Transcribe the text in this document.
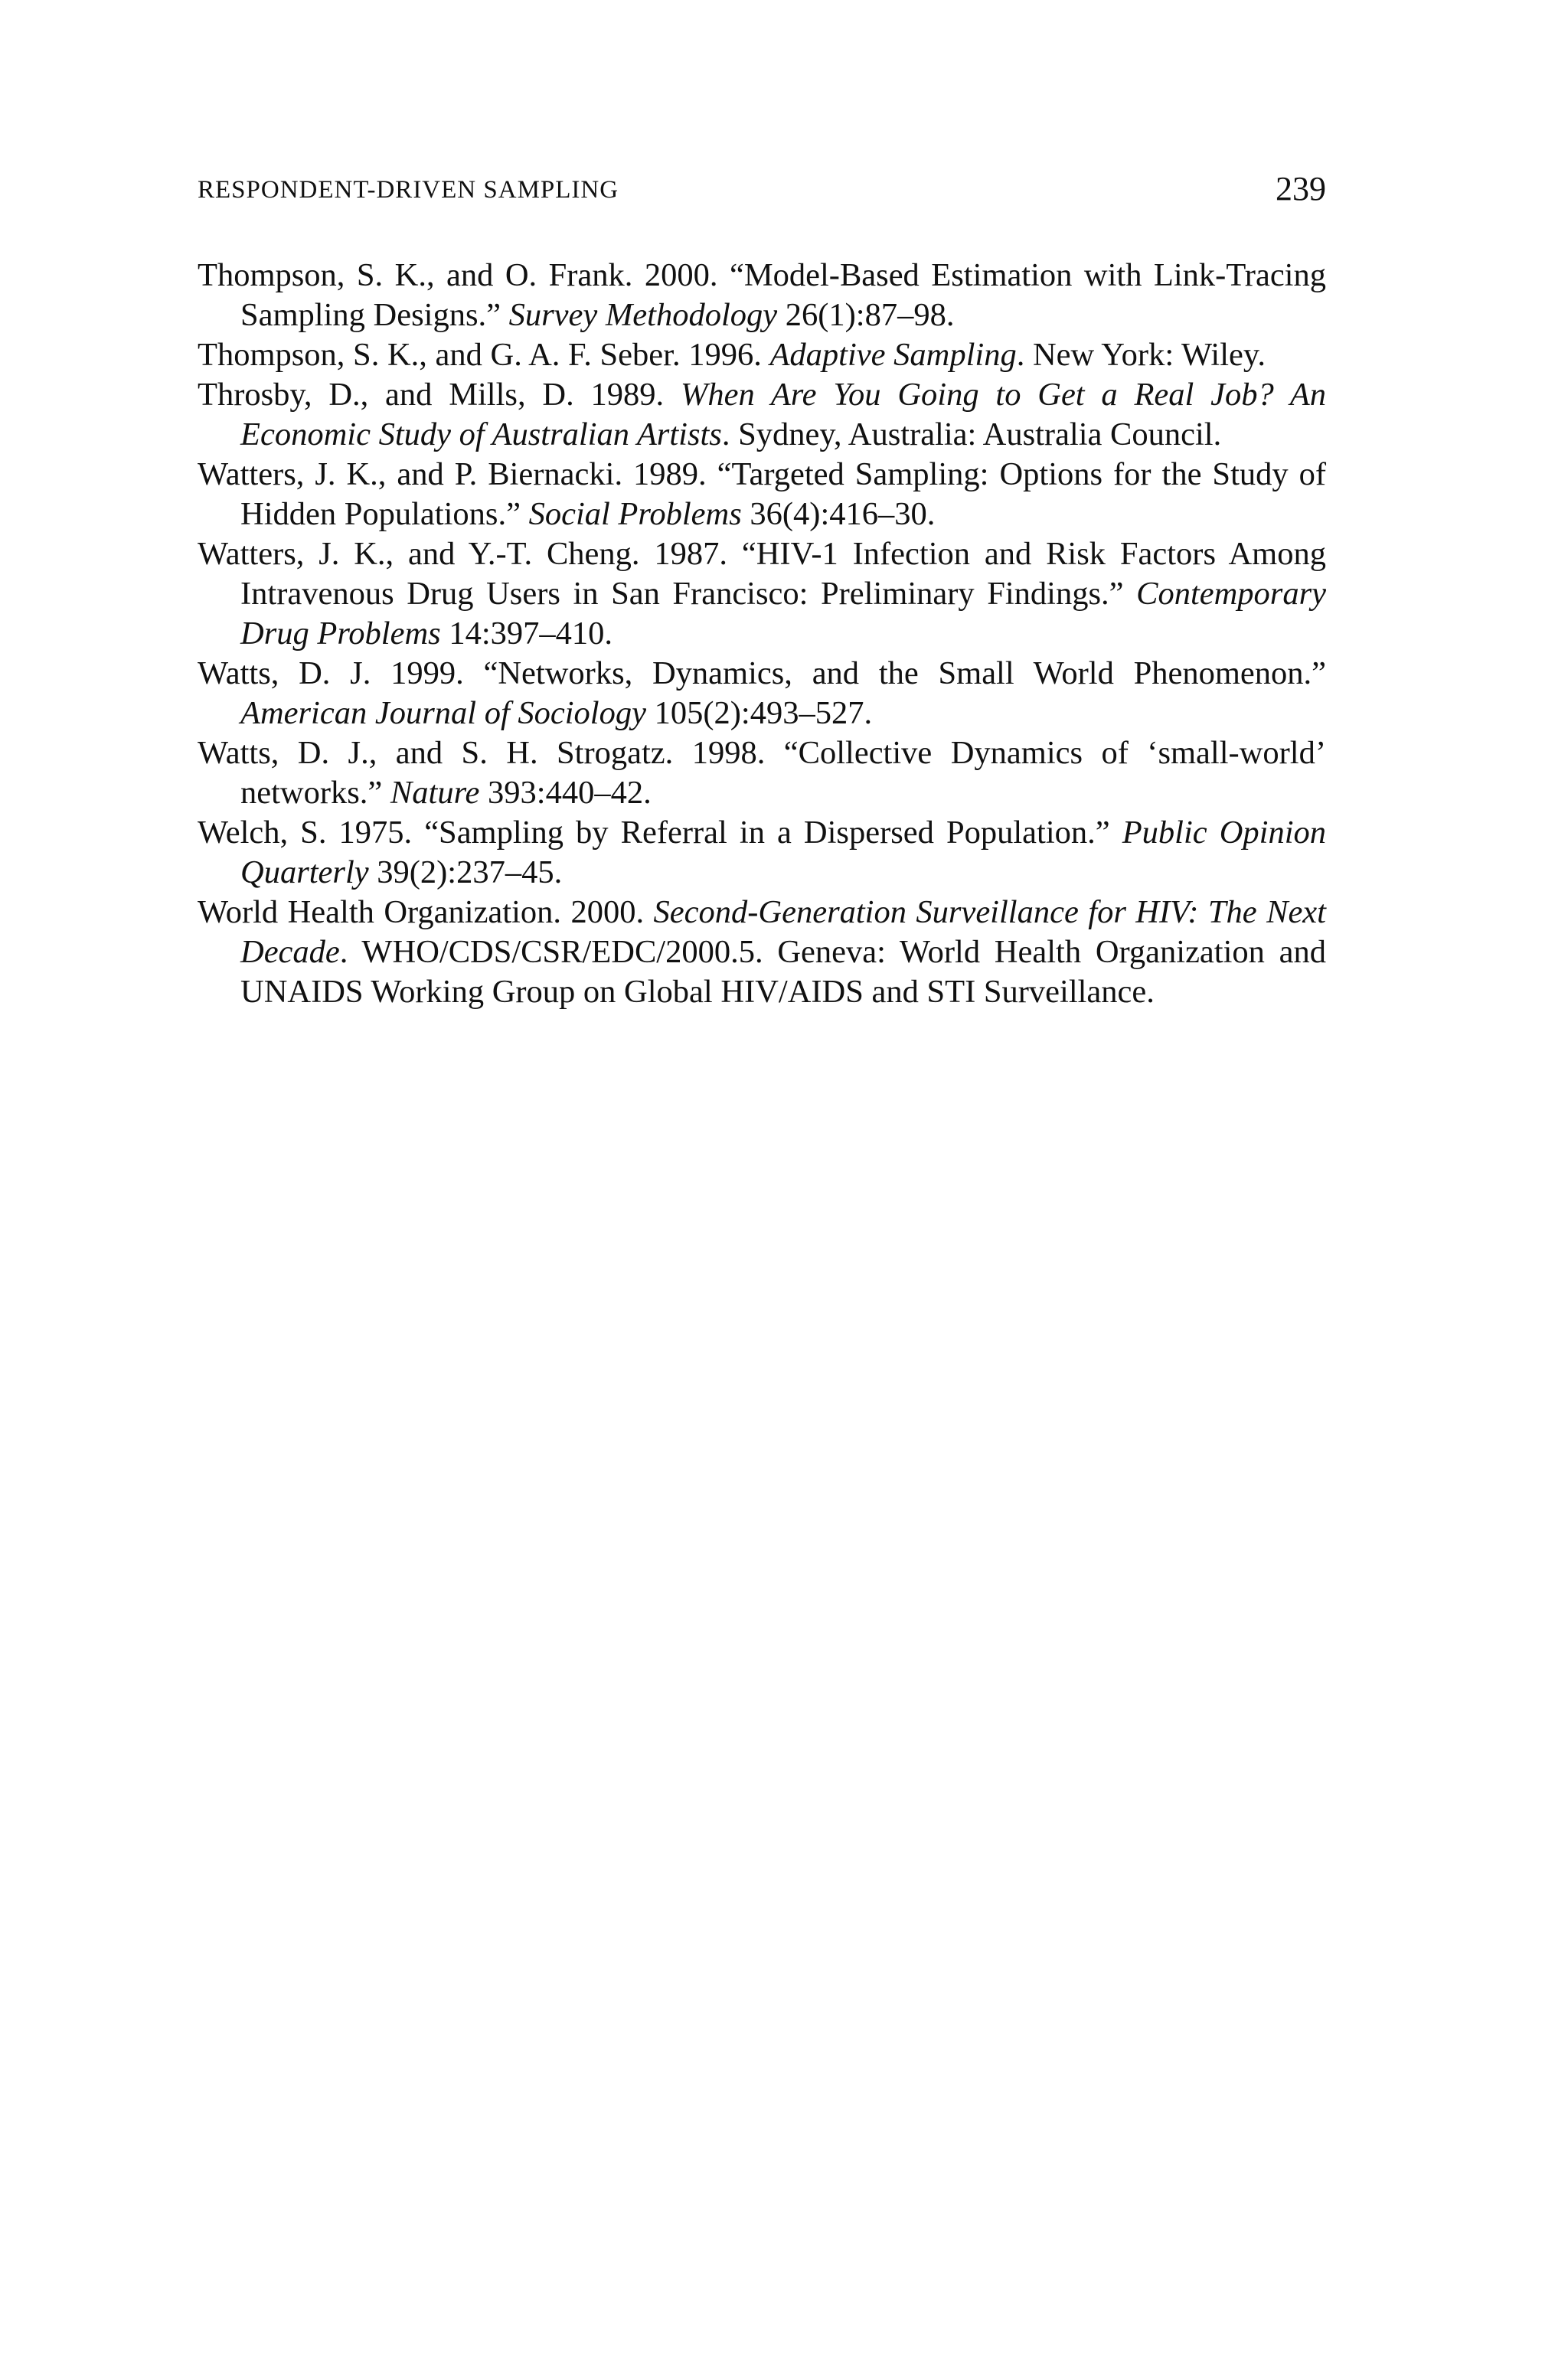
RESPONDENT-DRIVEN SAMPLING	239
Thompson, S. K., and O. Frank. 2000. “Model-Based Estimation with Link-Tracing Sampling Designs.” Survey Methodology 26(1):87–98.
Thompson, S. K., and G. A. F. Seber. 1996. Adaptive Sampling. New York: Wiley.
Throsby, D., and Mills, D. 1989. When Are You Going to Get a Real Job? An Economic Study of Australian Artists. Sydney, Australia: Australia Council.
Watters, J. K., and P. Biernacki. 1989. “Targeted Sampling: Options for the Study of Hidden Populations.” Social Problems 36(4):416–30.
Watters, J. K., and Y.-T. Cheng. 1987. “HIV-1 Infection and Risk Factors Among Intravenous Drug Users in San Francisco: Preliminary Findings.” Contemporary Drug Problems 14:397–410.
Watts, D. J. 1999. “Networks, Dynamics, and the Small World Phenomenon.” American Journal of Sociology 105(2):493–527.
Watts, D. J., and S. H. Strogatz. 1998. “Collective Dynamics of ‘small-world’ networks.” Nature 393:440–42.
Welch, S. 1975. “Sampling by Referral in a Dispersed Population.” Public Opinion Quarterly 39(2):237–45.
World Health Organization. 2000. Second-Generation Surveillance for HIV: The Next Decade. WHO/CDS/CSR/EDC/2000.5. Geneva: World Health Organization and UNAIDS Working Group on Global HIV/AIDS and STI Surveillance.
